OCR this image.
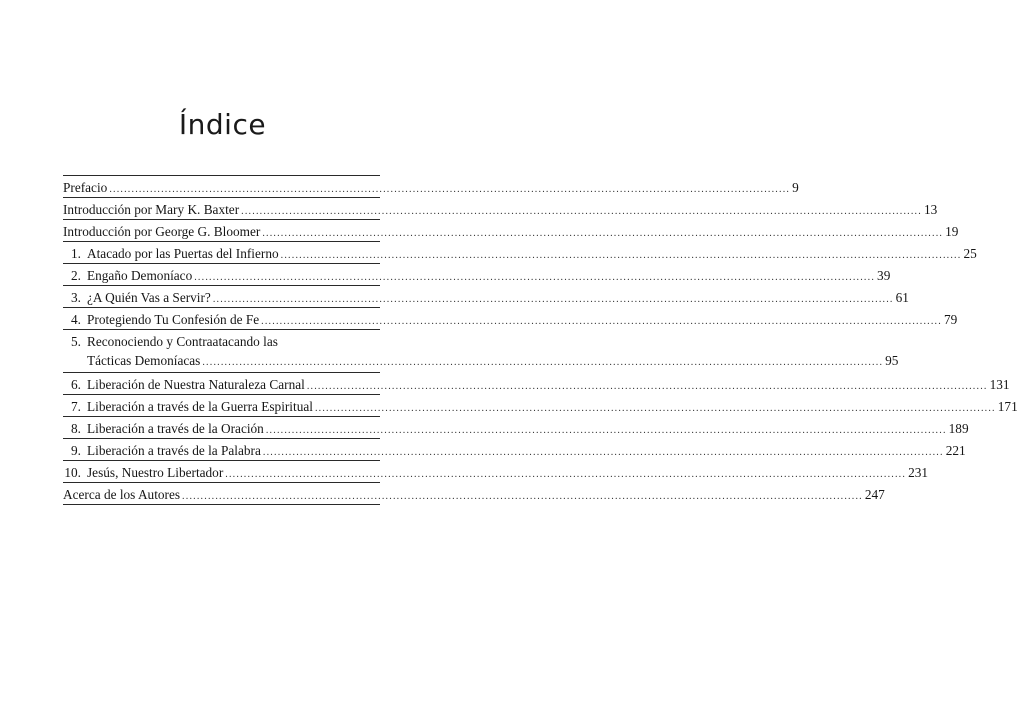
Índice
Prefacio .....	9
Introducción por Mary K. Baxter .....	13
Introducción por George G. Bloomer .....	19
1. Atacado por las Puertas del Infierno .....	25
2. Engaño Demoníaco .....	39
3. ¿A Quién Vas a Servir? .....	61
4. Protegiendo Tu Confesión de Fe .....	79
5. Reconociendo y Contraatacando las
Tácticas Demoníacas .....	95
6. Liberación de Nuestra Naturaleza Carnal .....	131
7. Liberación a través de la Guerra Espiritual .....	171
8. Liberación a través de la Oración .....	189
9. Liberación a través de la Palabra .....	221
10. Jesús, Nuestro Libertador .....	231
Acerca de los Autores .....	247
